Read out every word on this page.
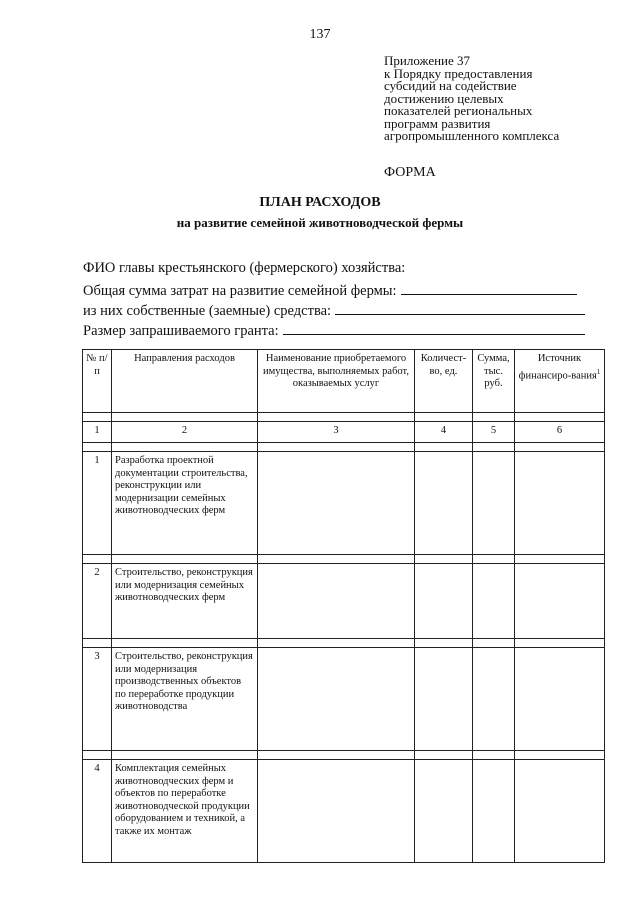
137
Приложение 37
к Порядку предоставления
субсидий на содействие
достижению целевых
показателей региональных
программ развития
агропромышленного комплекса
ФОРМА
ПЛАН РАСХОДОВ
на развитие семейной животноводческой фермы
ФИО главы крестьянского (фермерского) хозяйства:
Общая сумма затрат на развитие семейной фермы:
из них собственные (заемные) средства:
Размер запрашиваемого гранта:
№ п/п	Направления расходов	Наименование приобретаемого имущества, выполняемых работ, оказываемых услуг	Количест-во, ед.	Сумма, тыс. руб.	Источник финансиро-вания$^1$

1	2	3	4	5	6

1	Разработка проектной документации строительства, реконструкции или модернизации семейных животноводческих ферм				

2	Строительство, реконструкция или модернизация семейных животноводческих ферм				

3	Строительство, реконструкция или модернизация производственных объектов по переработке продукции животноводства				

4	Комплектация семейных животноводческих ферм и объектов по переработке животноводческой продукции оборудованием и техникой, а также их монтаж				
